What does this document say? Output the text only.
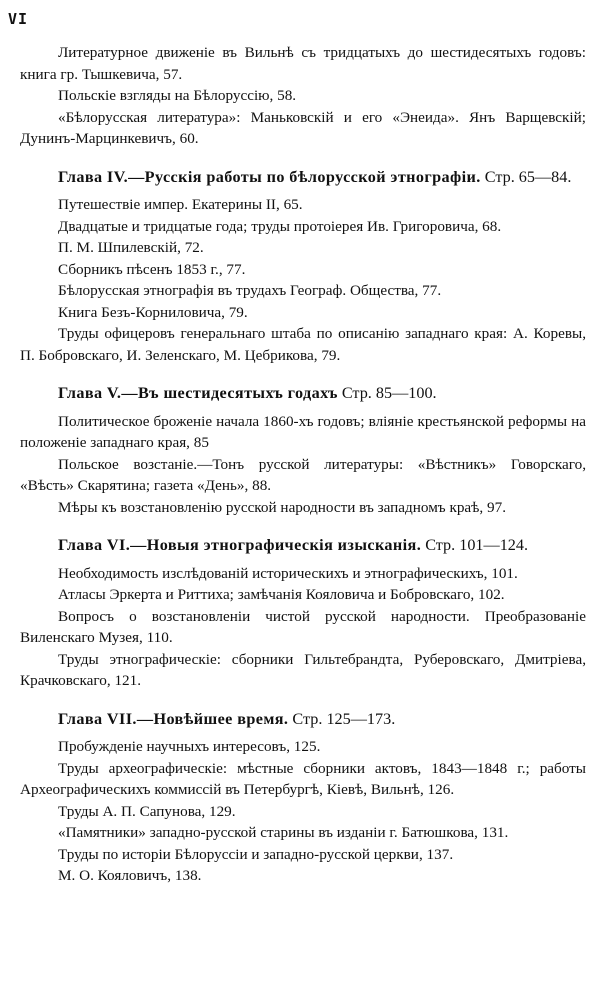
VI

Литературное движеніе въ Вильнѣ съ тридцатыхъ до шестидесятыхъ годовъ: книга гр. Тышкевича, 57.

Польскіе взгляды на Бѣлоруссію, 58.

«Бѣлорусская литература»: Маньковскій и его «Энеида». Янъ Варщевскій; Дунинъ-Марцинкевичъ, 60.

Глава IV.—Русскія работы по бѣлорусской этнографіи. Стр. 65—84.

Путешествіе импер. Екатерины II, 65.

Двадцатые и тридцатые года; труды протоіерея Ив. Григоровича, 68.

П. М. Шпилевскій, 72.

Сборникъ пѣсенъ 1853 г., 77.

Бѣлорусская этнографія въ трудахъ Географ. Общества, 77.

Книга Безъ-Корниловича, 79.

Труды офицеровъ генеральнаго штаба по описанію западнаго края: А. Коревы, П. Бобровскаго, И. Зеленскаго, М. Цебрикова, 79.

Глава V.—Въ шестидесятыхъ годахъ Стр. 85—100.

Политическое броженіе начала 1860-хъ годовъ; вліяніе крестьянской реформы на положеніе западнаго края, 85

Польское возстаніе.—Тонъ русской литературы: «Вѣстникъ» Говорскаго, «Вѣсть» Скарятина; газета «День», 88.

Мѣры къ возстановленію русской народности въ западномъ краѣ, 97.

Глава VI.—Новыя этнографическія изысканія. Стр. 101—124.

Необходимость изслѣдованій историческихъ и этнографическихъ, 101.

Атласы Эркерта и Риттиха; замѣчанія Кояловича и Бобровскаго, 102.

Вопросъ о возстановленіи чистой русской народности. Преобразованіе Виленскаго Музея, 110.

Труды этнографическіе: сборники Гильтебрандта, Руберовскаго, Дмитріева, Крачковскаго, 121.

Глава VII.—Новѣйшее время. Стр. 125—173.

Пробужденіе научныхъ интересовъ, 125.

Труды археографическіе: мѣстные сборники актовъ, 1843—1848 г.; работы Археографическихъ коммиссій въ Петербургѣ, Кіевѣ, Вильнѣ, 126.

Труды А. П. Сапунова, 129.

«Памятники» западно-русской старины въ изданіи г. Батюшкова, 131.

Труды по исторіи Бѣлоруссіи и западно-русской церкви, 137.

М. О. Кояловичъ, 138.
